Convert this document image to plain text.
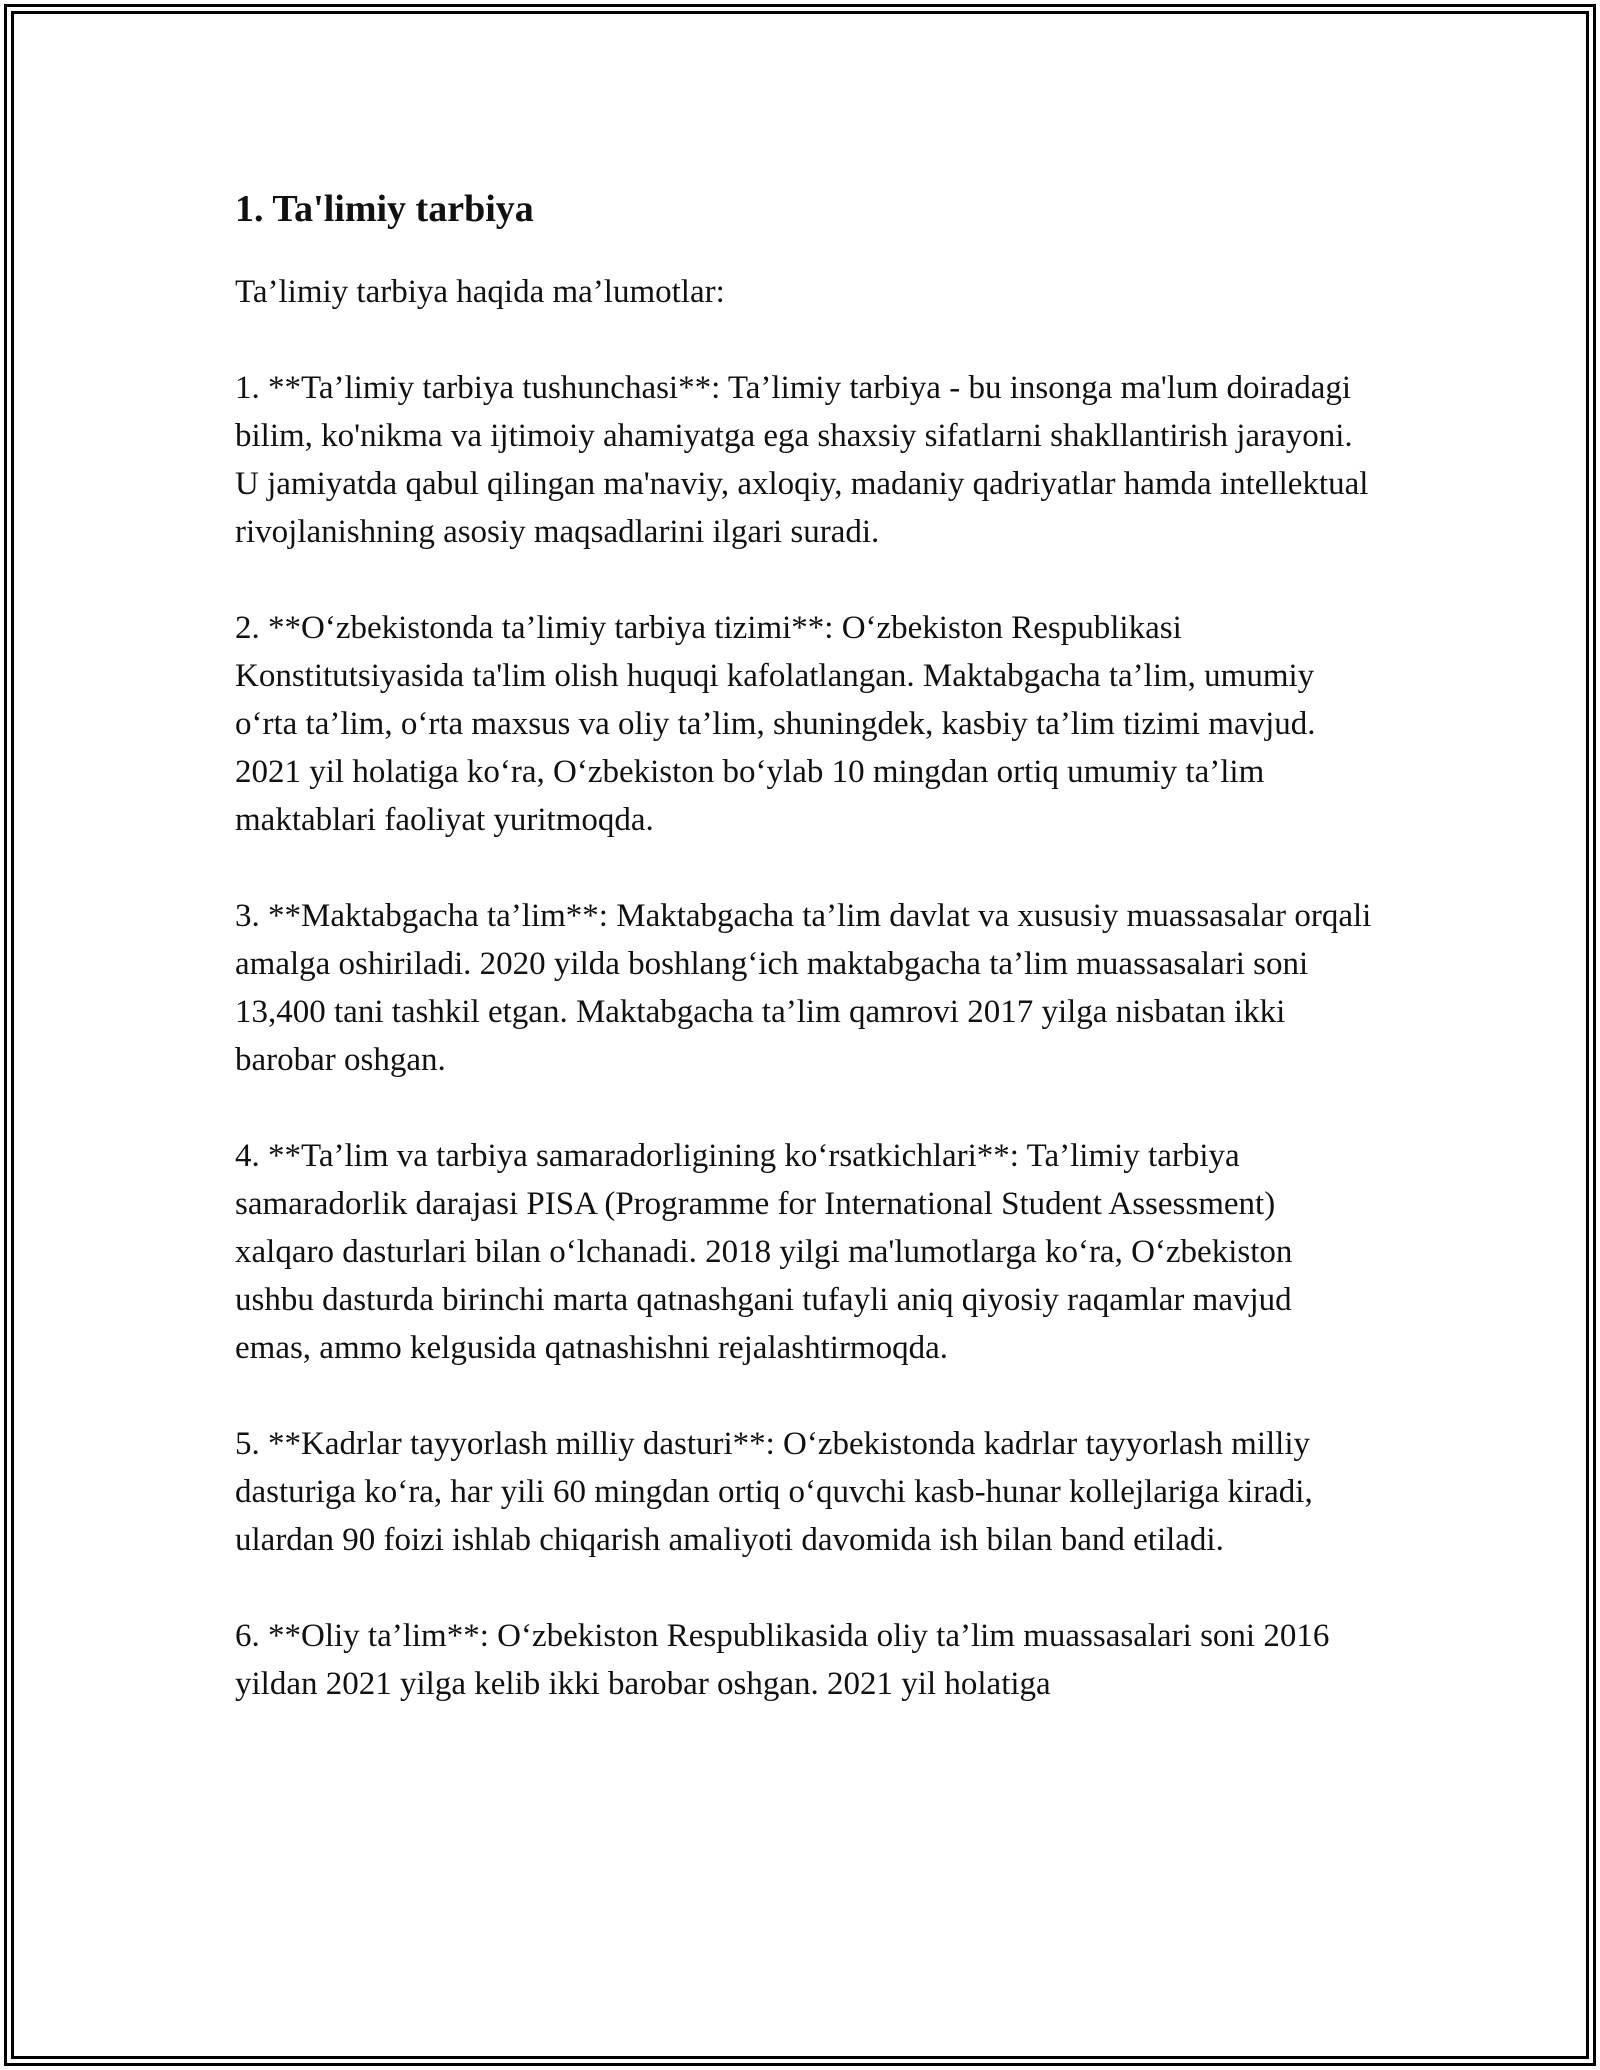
1. Ta'limiy tarbiya

Ta’limiy tarbiya haqida ma’lumotlar:

1. **Ta’limiy tarbiya tushunchasi**: Ta’limiy tarbiya - bu insonga ma'lum doiradagi bilim, ko'nikma va ijtimoiy ahamiyatga ega shaxsiy sifatlarni shakllantirish jarayoni. U jamiyatda qabul qilingan ma'naviy, axloqiy, madaniy qadriyatlar hamda intellektual rivojlanishning asosiy maqsadlarini ilgari suradi.

2. **O‘zbekistonda ta’limiy tarbiya tizimi**: O‘zbekiston Respublikasi Konstitutsiyasida ta'lim olish huquqi kafolatlangan. Maktabgacha ta’lim, umumiy o‘rta ta’lim, o‘rta maxsus va oliy ta’lim, shuningdek, kasbiy ta’lim tizimi mavjud. 2021 yil holatiga ko‘ra, O‘zbekiston bo‘ylab 10 mingdan ortiq umumiy ta’lim maktablari faoliyat yuritmoqda.

3. **Maktabgacha ta’lim**: Maktabgacha ta’lim davlat va xususiy muassasalar orqali amalga oshiriladi. 2020 yilda boshlang‘ich maktabgacha ta’lim muassasalari soni 13,400 tani tashkil etgan. Maktabgacha ta’lim qamrovi 2017 yilga nisbatan ikki barobar oshgan.

4. **Ta’lim va tarbiya samaradorligining ko‘rsatkichlari**: Ta’limiy tarbiya samaradorlik darajasi PISA (Programme for International Student Assessment) xalqaro dasturlari bilan o‘lchanadi. 2018 yilgi ma'lumotlarga ko‘ra, O‘zbekiston ushbu dasturda birinchi marta qatnashgani tufayli aniq qiyosiy raqamlar mavjud emas, ammo kelgusida qatnashishni rejalashtirmoqda.

5. **Kadrlar tayyorlash milliy dasturi**: O‘zbekistonda kadrlar tayyorlash milliy dasturiga ko‘ra, har yili 60 mingdan ortiq o‘quvchi kasb-hunar kollejlariga kiradi, ulardan 90 foizi ishlab chiqarish amaliyoti davomida ish bilan band etiladi.

6. **Oliy ta’lim**: O‘zbekiston Respublikasida oliy ta’lim muassasalari soni 2016 yildan 2021 yilga kelib ikki barobar oshgan. 2021 yil holatiga
